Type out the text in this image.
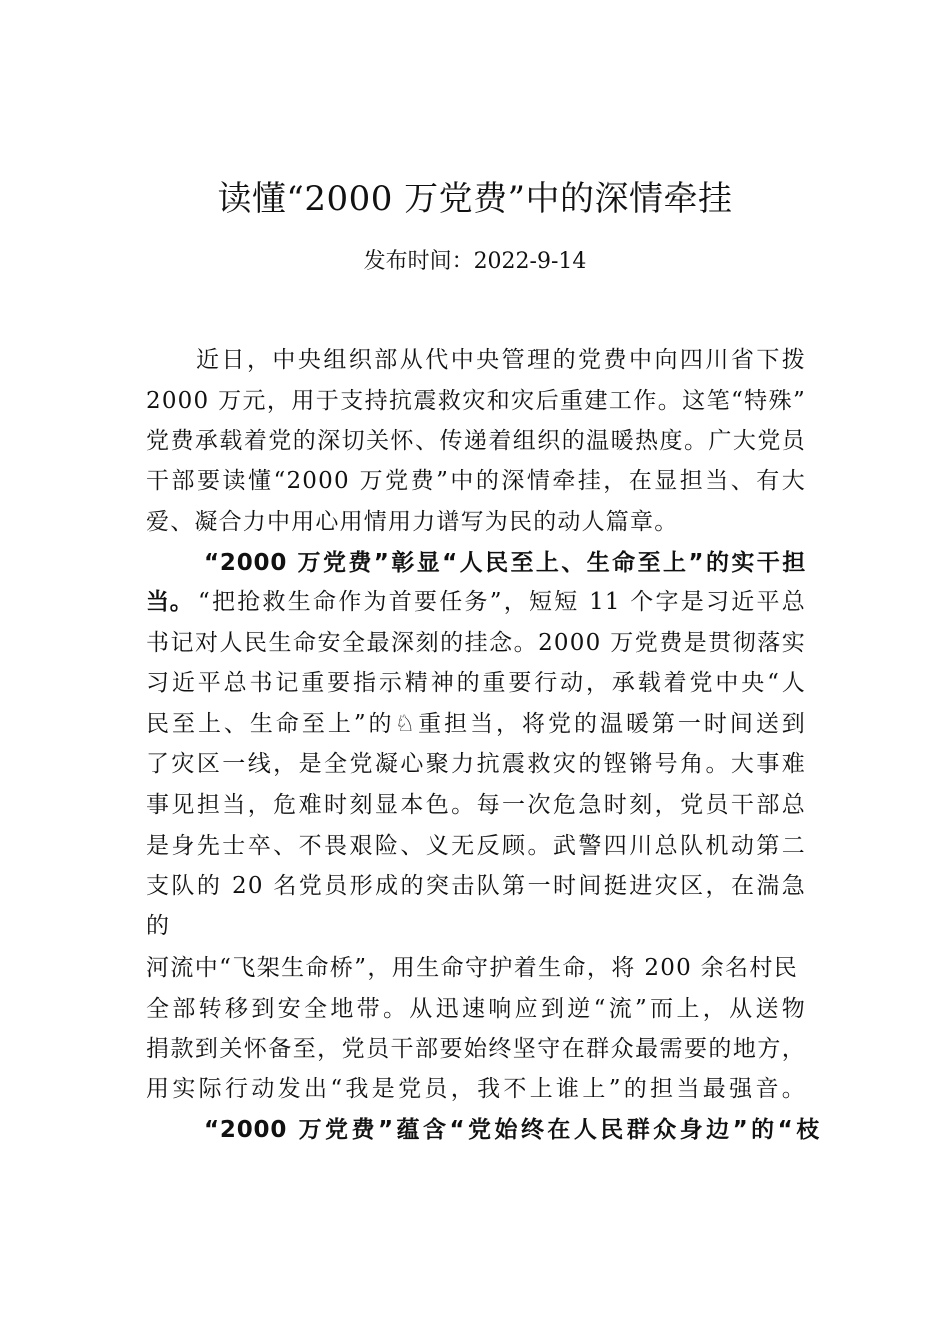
读懂“2000 万党费”中的深情牵挂
发布时间：2022-9-14
近日，中央组织部从代中央管理的党费中向四川省下拨
2000 万元，用于支持抗震救灾和灾后重建工作。这笔“特殊”
党费承载着党的深切关怀、传递着组织的温暖热度。广大党员
干部要读懂“2000 万党费”中的深情牵挂，在显担当、有大
爱、凝合力中用心用情用力谱写为民的动人篇章。
“2000 万党费”彰显“人民至上、生命至上”的实干担
当。 “把抢救生命作为首要任务”，短短 11 个字是习近平总
书记对人民生命安全最深刻的挂念。2000 万党费是贯彻落实
习近平总书记重要指示精神的重要行动，承载着党中央“人
民至上、生命至上”的♘重担当，将党的温暖第一时间送到
了灾区一线，是全党凝心聚力抗震救灾的铿锵号角。大事难
事见担当，危难时刻显本色。每一次危急时刻，党员干部总
是身先士卒、不畏艰险、义无反顾。武警四川总队机动第二
支队的 20 名党员形成的突击队第一时间挺进灾区，在湍急
的
河流中“飞架生命桥”，用生命守护着生命，将 200 余名村民
全部转移到安全地带。从迅速响应到逆“流”而上，从送物
捐款到关怀备至，党员干部要始终坚守在群众最需要的地方，
用实际行动发出“我是党员，我不上谁上”的担当最强音。
“2000 万党费”蕴含“党始终在人民群众身边”的“枝
